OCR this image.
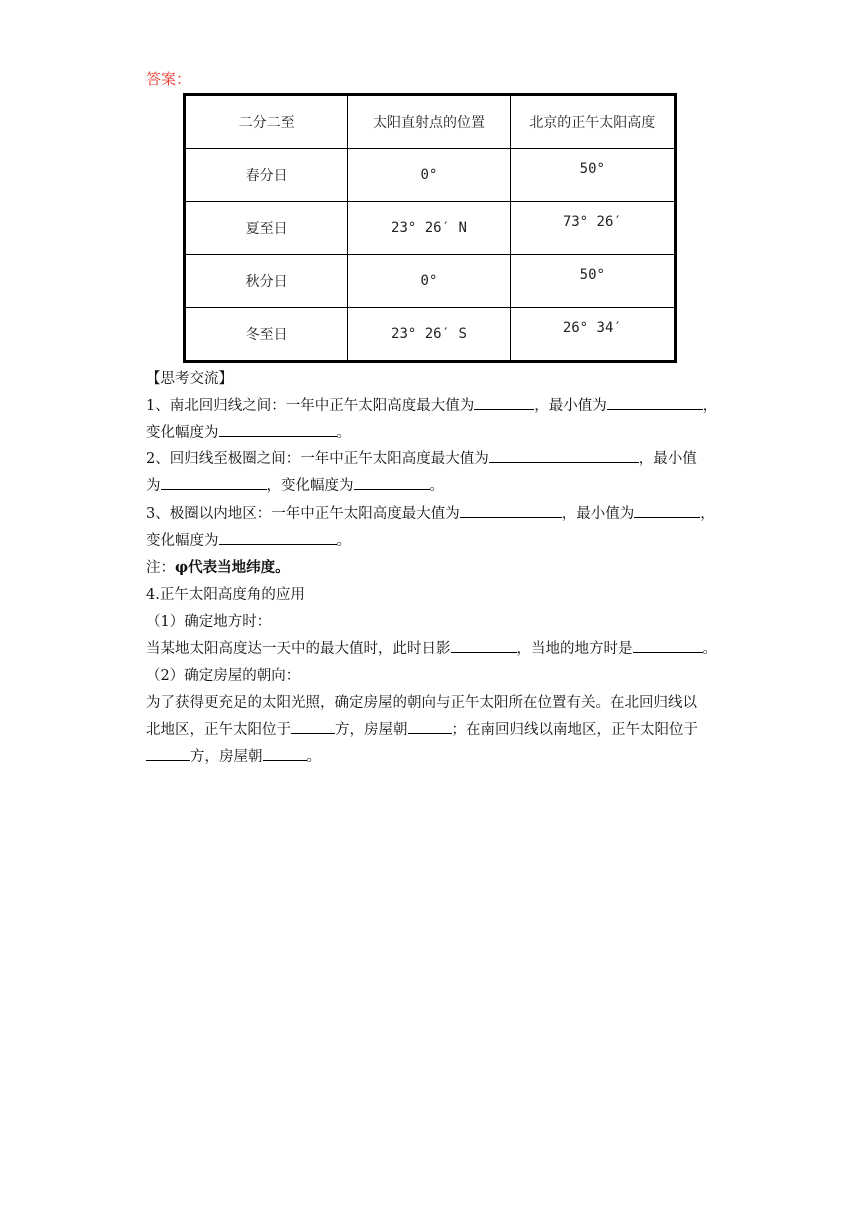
答案：
二分二至	太阳直射点的位置	北京的正午太阳高度
春分日	0°	50°
夏至日	23° 26′ N	73° 26′
秋分日	0°	50°
冬至日	23° 26′ S	26° 34′
【思考交流】
1、南北回归线之间：一年中正午太阳高度最大值为	，最小值为	，
变化幅度为	。
2、回归线至极圈之间：一年中正午太阳高度最大值为	，最小值
为	，变化幅度为	。
3、极圈以内地区：一年中正午太阳高度最大值为	，最小值为	，
变化幅度为	。
注：φ代表当地纬度。
4.正午太阳高度角的应用
（1）确定地方时：
当某地太阳高度达一天中的最大值时，此时日影	，当地的地方时是	。
（2）确定房屋的朝向：
为了获得更充足的太阳光照，确定房屋的朝向与正午太阳所在位置有关。在北回归线以
北地区，正午太阳位于	方，房屋朝	；在南回归线以南地区，正午太阳位于
方，房屋朝	。
